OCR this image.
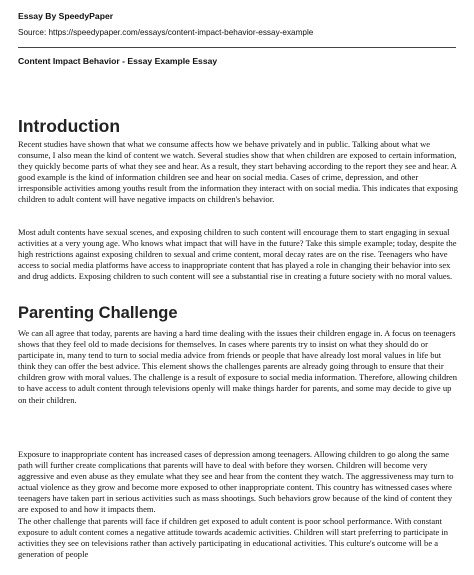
Essay By SpeedyPaper
Source: https://speedypaper.com/essays/content-impact-behavior-essay-example
Content Impact Behavior - Essay Example Essay
Introduction

Recent studies have shown that what we consume affects how we behave privately and in public. Talking about what we consume, I also mean the kind of content we watch. Several studies show that when children are exposed to certain information, they quickly become parts of what they see and hear. As a result, they start behaving according to the report they see and hear. A good example is the kind of information children see and hear on social media. Cases of crime, depression, and other irresponsible activities among youths result from the information they interact with on social media. This indicates that exposing children to adult content will have negative impacts on children's behavior.

Most adult contents have sexual scenes, and exposing children to such content will encourage them to start engaging in sexual activities at a very young age. Who knows what impact that will have in the future? Take this simple example; today, despite the high restrictions against exposing children to sexual and crime content, moral decay rates are on the rise. Teenagers who have access to social media platforms have access to inappropriate content that has played a role in changing their behavior into sex and drug addicts. Exposing children to such content will see a substantial rise in creating a future society with no moral values.

Parenting Challenge

We can all agree that today, parents are having a hard time dealing with the issues their children engage in. A focus on teenagers shows that they feel old to made decisions for themselves. In cases where parents try to insist on what they should do or participate in, many tend to turn to social media advice from friends or people that have already lost moral values in life but think they can offer the best advice. This element shows the challenges parents are already going through to ensure that their children grow with moral values. The challenge is a result of exposure to social media information. Therefore, allowing children to have access to adult content through televisions openly will make things harder for parents, and some may decide to give up on their children.

Exposure to inappropriate content has increased cases of depression among teenagers. Allowing children to go along the same path will further create complications that parents will have to deal with before they worsen. Children will become very aggressive and even abuse as they emulate what they see and hear from the content they watch. The aggressiveness may turn to actual violence as they grow and become more exposed to other inappropriate content. This country has witnessed cases where teenagers have taken part in serious activities such as mass shootings. Such behaviors grow because of the kind of content they are exposed to and how it impacts them.

The other challenge that parents will face if children get exposed to adult content is poor school performance. With constant exposure to adult content comes a negative attitude towards academic activities. Children will start preferring to participate in activities they see on televisions rather than actively participating in educational activities. This culture's outcome will be a generation of people
